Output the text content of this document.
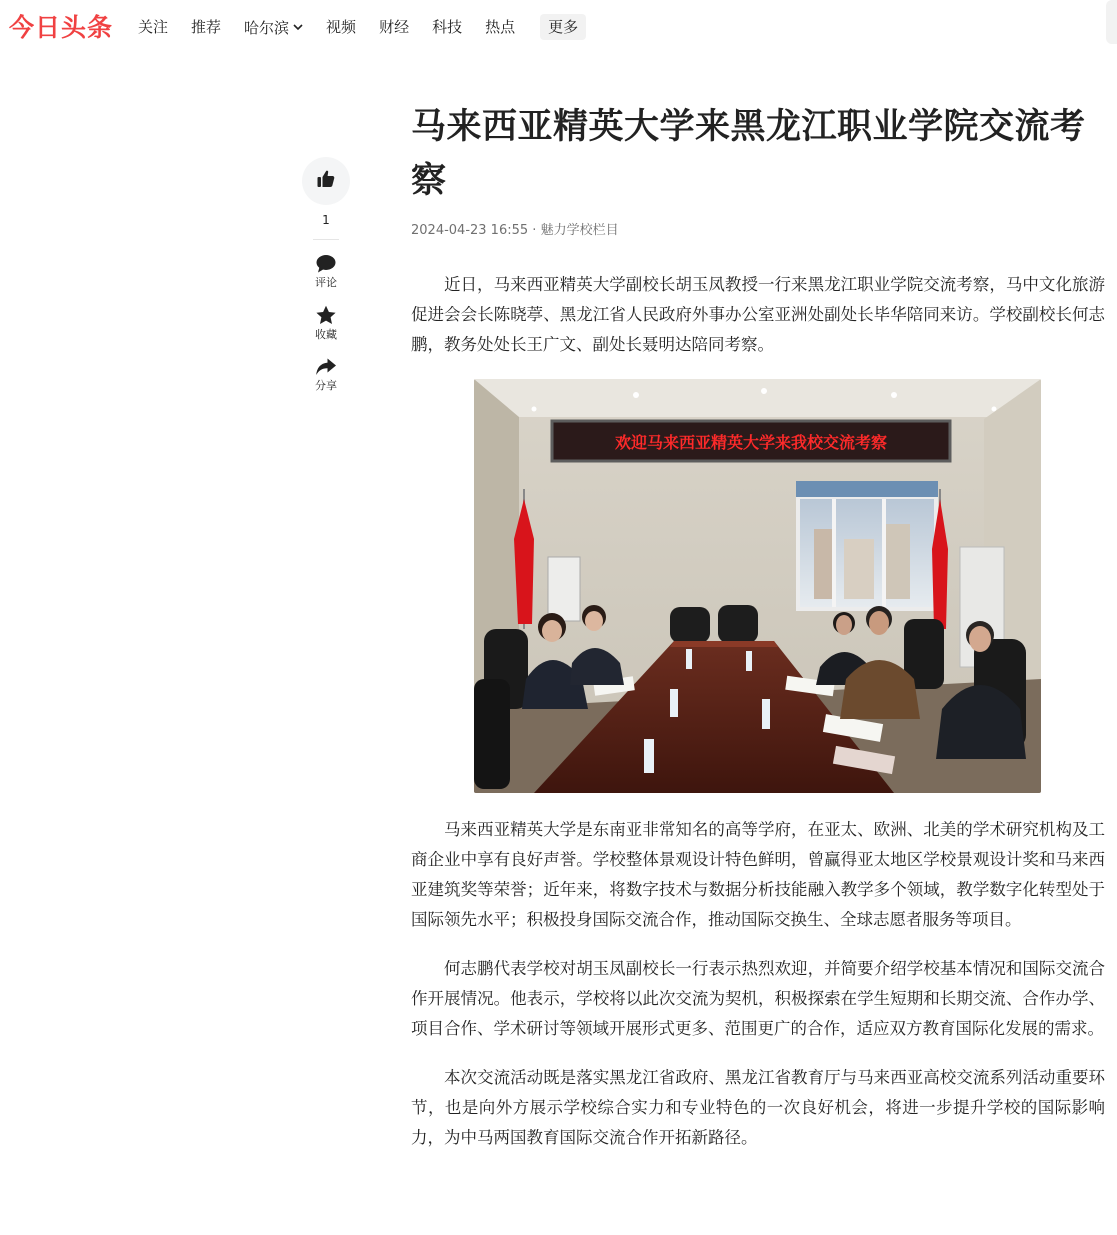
今日头条 关注 推荐 哈尔滨	视频 财经 科技 热点	更多
1
评论
收藏
分享
马来西亚精英大学来黑龙江职业学院交流考察
2024-04-23 16:55 · 魅力学校栏目

近日，马来西亚精英大学副校长胡玉凤教授一行来黑龙江职业学院交流考察，马中文化旅游促进会会长陈晓葶、黑龙江省人民政府外事办公室亚洲处副处长毕华陪同来访。学校副校长何志鹏，教务处处长王广文、副处长聂明达陪同考察。

欢迎马来西亚精英大学来我校交流考察

马来西亚精英大学是东南亚非常知名的高等学府，在亚太、欧洲、北美的学术研究机构及工商企业中享有良好声誉。学校整体景观设计特色鲜明，曾赢得亚太地区学校景观设计奖和马来西亚建筑奖等荣誉；近年来，将数字技术与数据分析技能融入教学多个领域，教学数字化转型处于国际领先水平；积极投身国际交流合作，推动国际交换生、全球志愿者服务等项目。

何志鹏代表学校对胡玉凤副校长一行表示热烈欢迎，并简要介绍学校基本情况和国际交流合作开展情况。他表示，学校将以此次交流为契机，积极探索在学生短期和长期交流、合作办学、项目合作、学术研讨等领域开展形式更多、范围更广的合作，适应双方教育国际化发展的需求。

本次交流活动既是落实黑龙江省政府、黑龙江省教育厅与马来西亚高校交流系列活动重要环节，也是向外方展示学校综合实力和专业特色的一次良好机会，将进一步提升学校的国际影响力，为中马两国教育国际交流合作开拓新路径。
